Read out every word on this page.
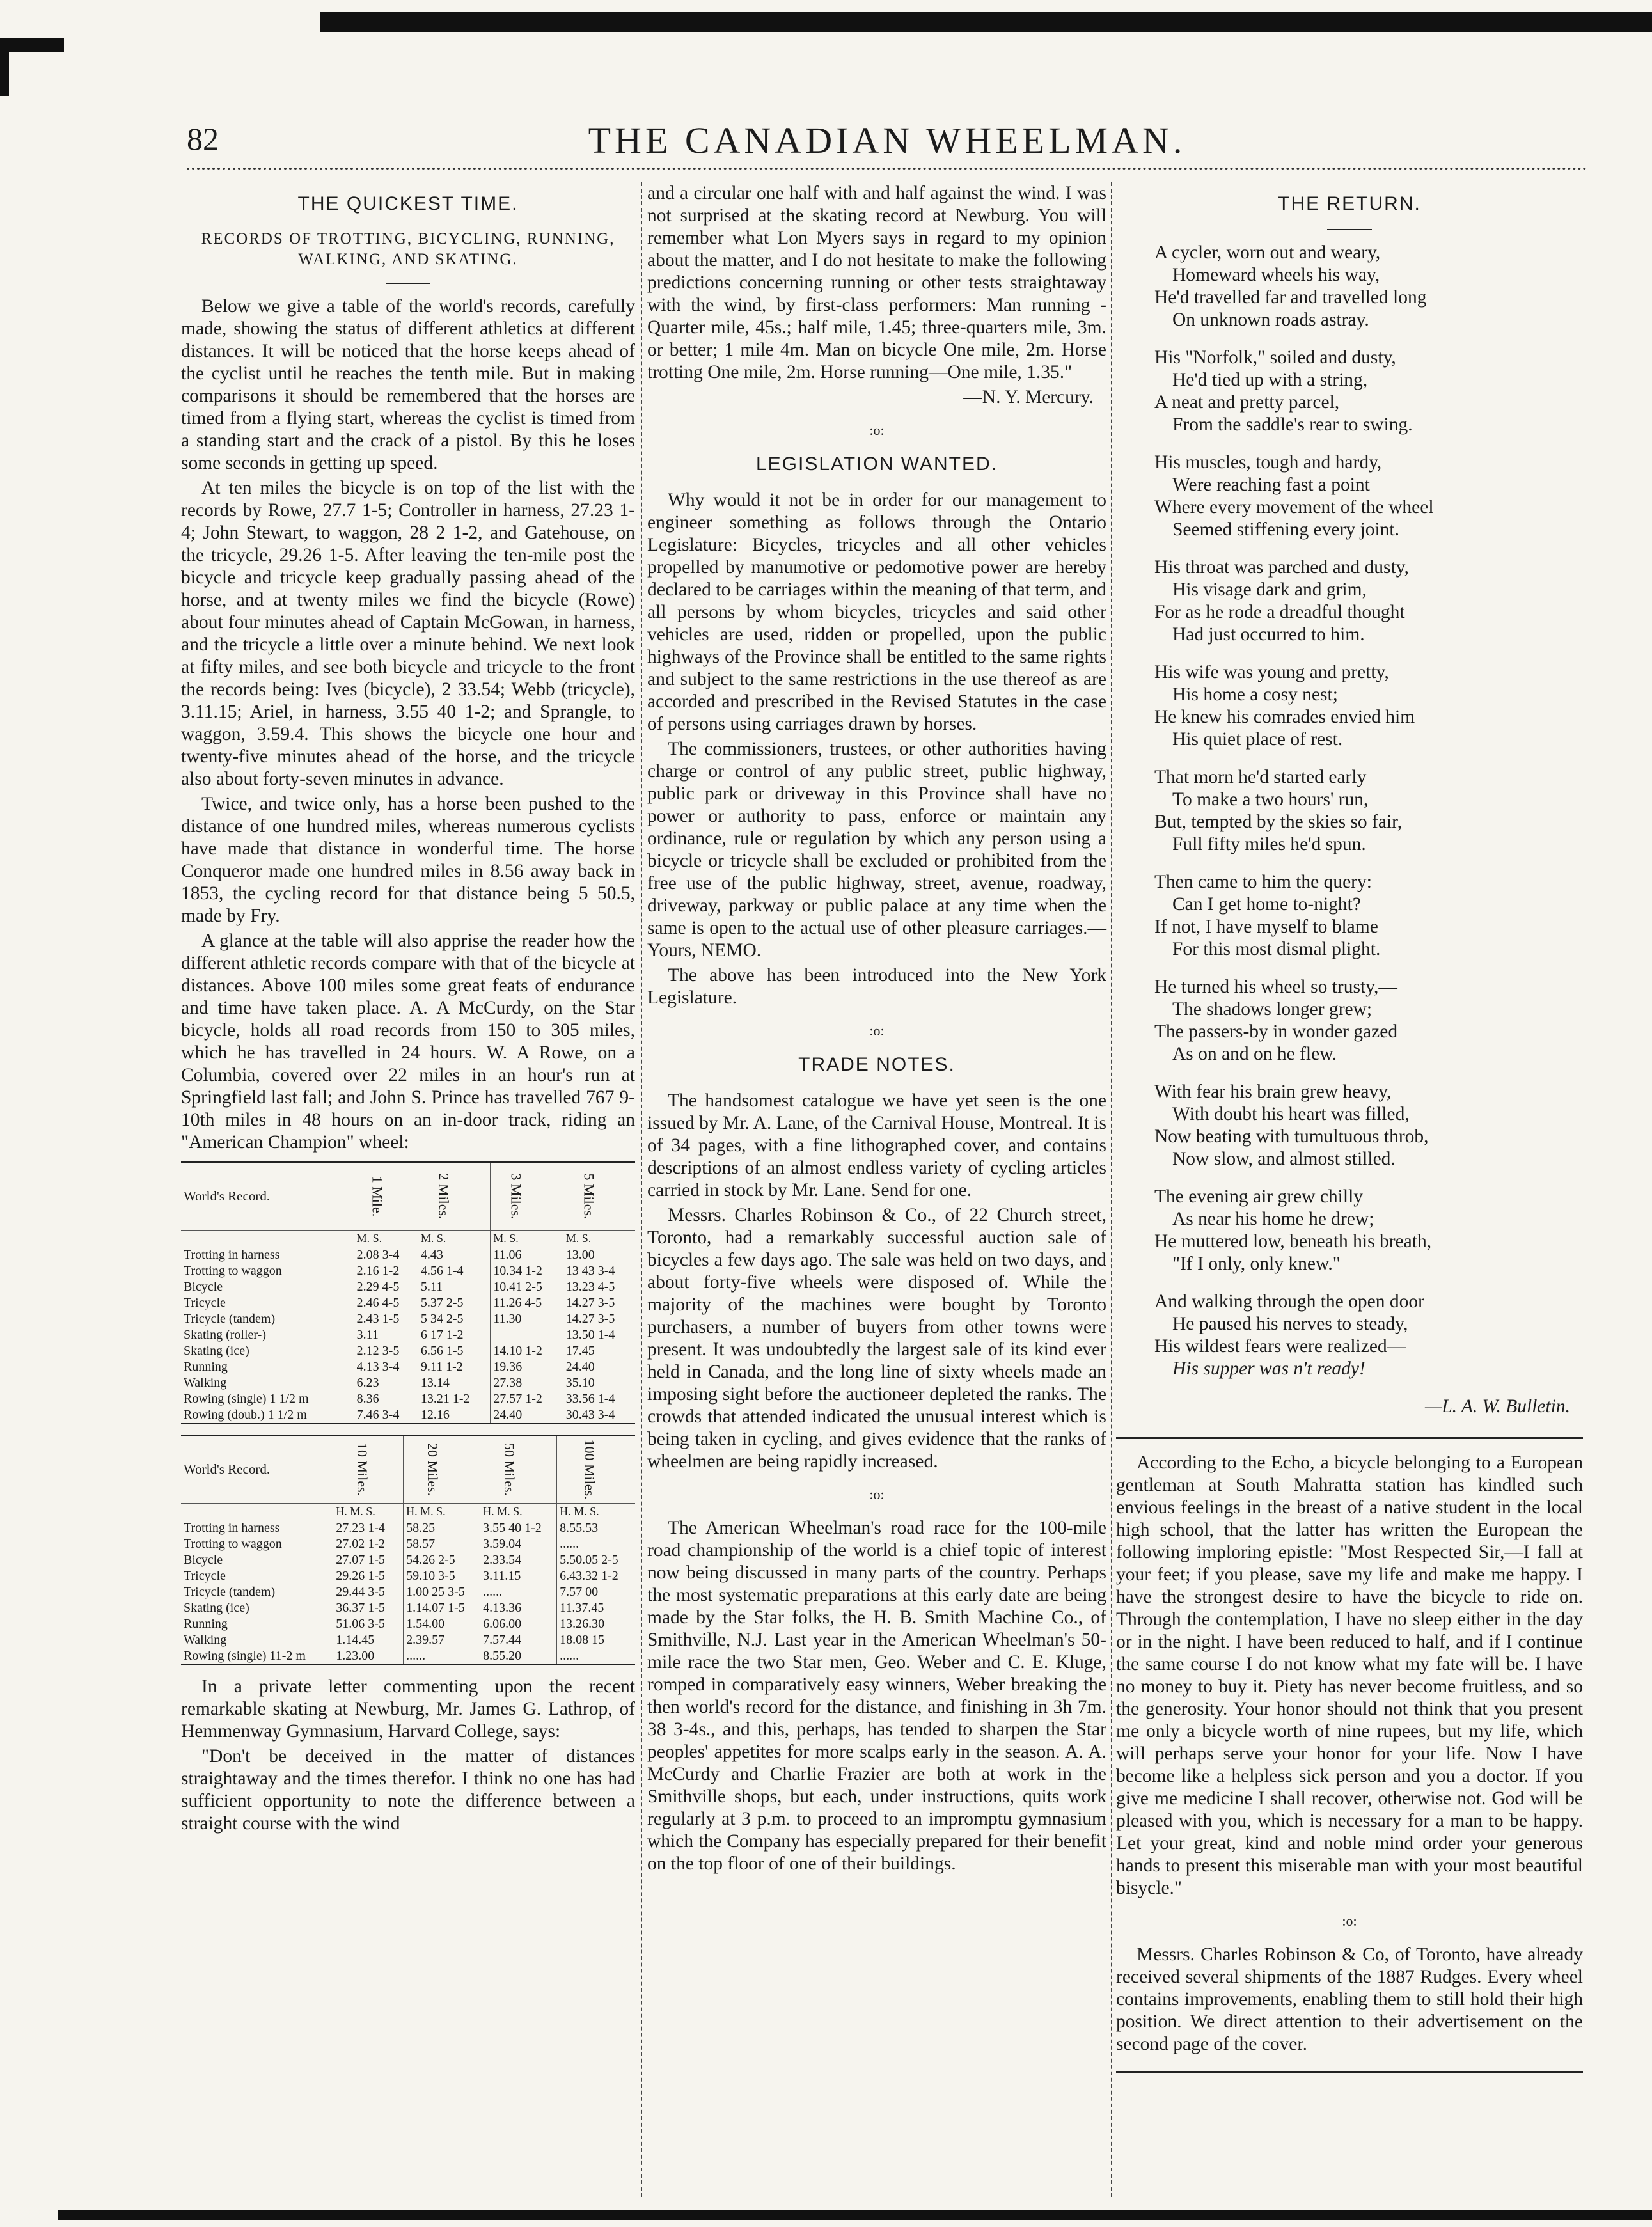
82	THE CANADIAN WHEELMAN.
THE QUICKEST TIME.
RECORDS OF TROTTING, BICYCLING, RUNNING, WALKING, AND SKATING.

Below we give a table of the world's records, carefully made, showing the status of different athletics at different distances. It will be noticed that the horse keeps ahead of the cyclist until he reaches the tenth mile. But in making comparisons it should be remembered that the horses are timed from a flying start, whereas the cyclist is timed from a standing start and the crack of a pistol. By this he loses some seconds in getting up speed.

At ten miles the bicycle is on top of the list with the records by Rowe, 27.7 1-5; Controller in harness, 27.23 1-4; John Stewart, to waggon, 28 2 1-2, and Gatehouse, on the tricycle, 29.26 1-5. After leaving the ten-mile post the bicycle and tricycle keep gradually passing ahead of the horse, and at twenty miles we find the bicycle (Rowe) about four minutes ahead of Captain McGowan, in harness, and the tricycle a little over a minute behind. We next look at fifty miles, and see both bicycle and tricycle to the front the records being: Ives (bicycle), 2 33.54; Webb (tricycle), 3.11.15; Ariel, in harness, 3.55 40 1-2; and Sprangle, to waggon, 3.59.4. This shows the bicycle one hour and twenty-five minutes ahead of the horse, and the tricycle also about forty-seven minutes in advance.

Twice, and twice only, has a horse been pushed to the distance of one hundred miles, whereas numerous cyclists have made that distance in wonderful time. The horse Conqueror made one hundred miles in 8.56 away back in 1853, the cycling record for that distance being 5 50.5, made by Fry.

A glance at the table will also apprise the reader how the different athletic records compare with that of the bicycle at distances. Above 100 miles some great feats of endurance and time have taken place. A. A McCurdy, on the Star bicycle, holds all road records from 150 to 305 miles, which he has travelled in 24 hours. W. A Rowe, on a Columbia, covered over 22 miles in an hour's run at Springfield last fall; and John S. Prince has travelled 767 9-10th miles in 48 hours on an in-door track, riding an "American Champion" wheel:

World's Record.	1 Mile.	2 Miles.	3 Miles.	5 Miles.
	M. S.	M. S.	M. S.	M. S.
Trotting in harness	2.08 3-4	4.43	11.06	13.00
Trotting to waggon	2.16 1-2	4.56 1-4	10.34 1-2	13 43 3-4
Bicycle	2.29 4-5	5.11	10.41 2-5	13.23 4-5
Tricycle	2.46 4-5	5.37 2-5	11.26 4-5	14.27 3-5
Tricycle (tandem)	2.43 1-5	5 34 2-5	11.30	14.27 3-5
Skating (roller-)	3.11	6 17 1-2		13.50 1-4
Skating (ice)	2.12 3-5	6.56 1-5	14.10 1-2	17.45
Running	4.13 3-4	9.11 1-2	19.36	24.40
Walking	6.23	13.14	27.38	35.10
Rowing (single) 1 1/2 m	8.36	13.21 1-2	27.57 1-2	33.56 1-4
Rowing (doub.) 1 1/2 m	7.46 3-4	12.16	24.40	30.43 3-4
World's Record.	10 Miles.	20 Miles.	50 Miles.	100 Miles.
	H. M. S.	H. M. S.	H. M. S.	H. M. S.
Trotting in harness	27.23 1-4	58.25	3.55 40 1-2	8.55.53
Trotting to waggon	27.02 1-2	58.57	3.59.04	......
Bicycle	27.07 1-5	54.26 2-5	2.33.54	5.50.05 2-5
Tricycle	29.26 1-5	59.10 3-5	3.11.15	6.43.32 1-2
Tricycle (tandem)	29.44 3-5	1.00 25 3-5	......	7.57 00
Skating (ice)	36.37 1-5	1.14.07 1-5	4.13.36	11.37.45
Running	51.06 3-5	1.54.00	6.06.00	13.26.30
Walking	1.14.45	2.39.57	7.57.44	18.08 15
Rowing (single) 11-2 m	1.23.00	......	8.55.20	......

In a private letter commenting upon the recent remarkable skating at Newburg, Mr. James G. Lathrop, of Hemmenway Gymnasium, Harvard College, says:

"Don't be deceived in the matter of distances straightaway and the times therefor. I think no one has had sufficient opportunity to note the difference between a straight course with the wind

and a circular one half with and half against the wind. I was not surprised at the skating record at Newburg. You will remember what Lon Myers says in regard to my opinion about the matter, and I do not hesitate to make the following predictions concerning running or other tests straightaway with the wind, by first-class performers: Man running - Quarter mile, 45s.; half mile, 1.45; three-quarters mile, 3m. or better; 1 mile 4m. Man on bicycle One mile, 2m. Horse trotting One mile, 2m. Horse running—One mile, 1.35."

—N. Y. Mercury.
:o:
LEGISLATION WANTED.

Why would it not be in order for our management to engineer something as follows through the Ontario Legislature: Bicycles, tricycles and all other vehicles propelled by manumotive or pedomotive power are hereby declared to be carriages within the meaning of that term, and all persons by whom bicycles, tricycles and said other vehicles are used, ridden or propelled, upon the public highways of the Province shall be entitled to the same rights and subject to the same restrictions in the use thereof as are accorded and prescribed in the Revised Statutes in the case of persons using carriages drawn by horses.

The commissioners, trustees, or other authorities having charge or control of any public street, public highway, public park or driveway in this Province shall have no power or authority to pass, enforce or maintain any ordinance, rule or regulation by which any person using a bicycle or tricycle shall be excluded or prohibited from the free use of the public highway, street, avenue, roadway, driveway, parkway or public palace at any time when the same is open to the actual use of other pleasure carriages.—Yours, NEMO.

The above has been introduced into the New York Legislature.

:o:
TRADE NOTES.

The handsomest catalogue we have yet seen is the one issued by Mr. A. Lane, of the Carnival House, Montreal. It is of 34 pages, with a fine lithographed cover, and contains descriptions of an almost endless variety of cycling articles carried in stock by Mr. Lane. Send for one.

Messrs. Charles Robinson & Co., of 22 Church street, Toronto, had a remarkably successful auction sale of bicycles a few days ago. The sale was held on two days, and about forty-five wheels were disposed of. While the majority of the machines were bought by Toronto purchasers, a number of buyers from other towns were present. It was undoubtedly the largest sale of its kind ever held in Canada, and the long line of sixty wheels made an imposing sight before the auctioneer depleted the ranks. The crowds that attended indicated the unusual interest which is being taken in cycling, and gives evidence that the ranks of wheelmen are being rapidly increased.

:o:

The American Wheelman's road race for the 100-mile road championship of the world is a chief topic of interest now being discussed in many parts of the country. Perhaps the most systematic preparations at this early date are being made by the Star folks, the H. B. Smith Machine Co., of Smithville, N.J. Last year in the American Wheelman's 50-mile race the two Star men, Geo. Weber and C. E. Kluge, romped in comparatively easy winners, Weber breaking the then world's record for the distance, and finishing in 3h 7m. 38 3-4s., and this, perhaps, has tended to sharpen the Star peoples' appetites for more scalps early in the season. A. A. McCurdy and Charlie Frazier are both at work in the Smithville shops, but each, under instructions, quits work regularly at 3 p.m. to proceed to an impromptu gymnasium which the Company has especially prepared for their benefit on the top floor of one of their buildings.

THE RETURN.
A cycler, worn out and weary,
Homeward wheels his way,
He'd travelled far and travelled long
On unknown roads astray.
His "Norfolk," soiled and dusty,
He'd tied up with a string,
A neat and pretty parcel,
From the saddle's rear to swing.
His muscles, tough and hardy,
Were reaching fast a point
Where every movement of the wheel
Seemed stiffening every joint.
His throat was parched and dusty,
His visage dark and grim,
For as he rode a dreadful thought
Had just occurred to him.
His wife was young and pretty,
His home a cosy nest;
He knew his comrades envied him
His quiet place of rest.
That morn he'd started early
To make a two hours' run,
But, tempted by the skies so fair,
Full fifty miles he'd spun.
Then came to him the query:
Can I get home to-night?
If not, I have myself to blame
For this most dismal plight.
He turned his wheel so trusty,—
The shadows longer grew;
The passers-by in wonder gazed
As on and on he flew.
With fear his brain grew heavy,
With doubt his heart was filled,
Now beating with tumultuous throb,
Now slow, and almost stilled.
The evening air grew chilly
As near his home he drew;
He muttered low, beneath his breath,
"If I only, only knew."
And walking through the open door
He paused his nerves to steady,
His wildest fears were realized—
His supper was n't ready!
—L. A. W. Bulletin.

According to the Echo, a bicycle belonging to a European gentleman at South Mahratta station has kindled such envious feelings in the breast of a native student in the local high school, that the latter has written the European the following imploring epistle: "Most Respected Sir,—I fall at your feet; if you please, save my life and make me happy. I have the strongest desire to have the bicycle to ride on. Through the contemplation, I have no sleep either in the day or in the night. I have been reduced to half, and if I continue the same course I do not know what my fate will be. I have no money to buy it. Piety has never become fruitless, and so the generosity. Your honor should not think that you present me only a bicycle worth of nine rupees, but my life, which will perhaps serve your honor for your life. Now I have become like a helpless sick person and you a doctor. If you give me medicine I shall recover, otherwise not. God will be pleased with you, which is necessary for a man to be happy. Let your great, kind and noble mind order your generous hands to present this miserable man with your most beautiful bisycle."

:o:

Messrs. Charles Robinson & Co, of Toronto, have already received several shipments of the 1887 Rudges. Every wheel contains improvements, enabling them to still hold their high position. We direct attention to their advertisement on the second page of the cover.
